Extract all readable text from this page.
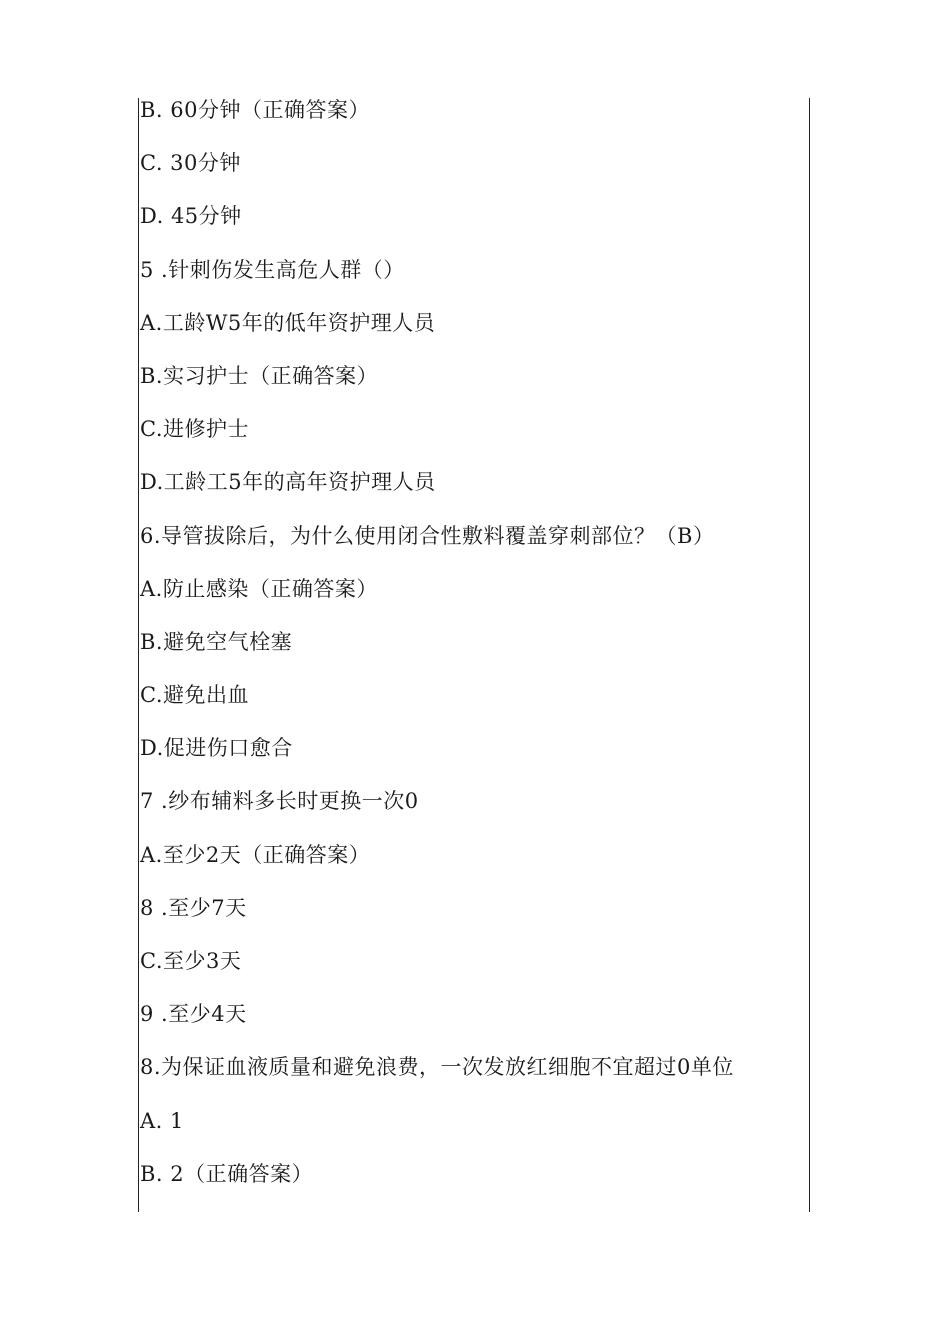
B. 60分钟（正确答案）
C. 30分钟
D. 45分钟
5 .针刺伤发生高危人群（）
A.工龄W5年的低年资护理人员
B.实习护士（正确答案）
C.进修护士
D.工龄工5年的高年资护理人员
6.导管拔除后，为什么使用闭合性敷料覆盖穿刺部位？（B）
A.防止感染（正确答案）
B.避免空气栓塞
C.避免出血
D.促进伤口愈合
7 .纱布辅料多长时更换一次0
A.至少2天（正确答案）
8 .至少7天
C.至少3天
9 .至少4天
8.为保证血液质量和避免浪费，一次发放红细胞不宜超过0单位
A. 1
B. 2（正确答案）
